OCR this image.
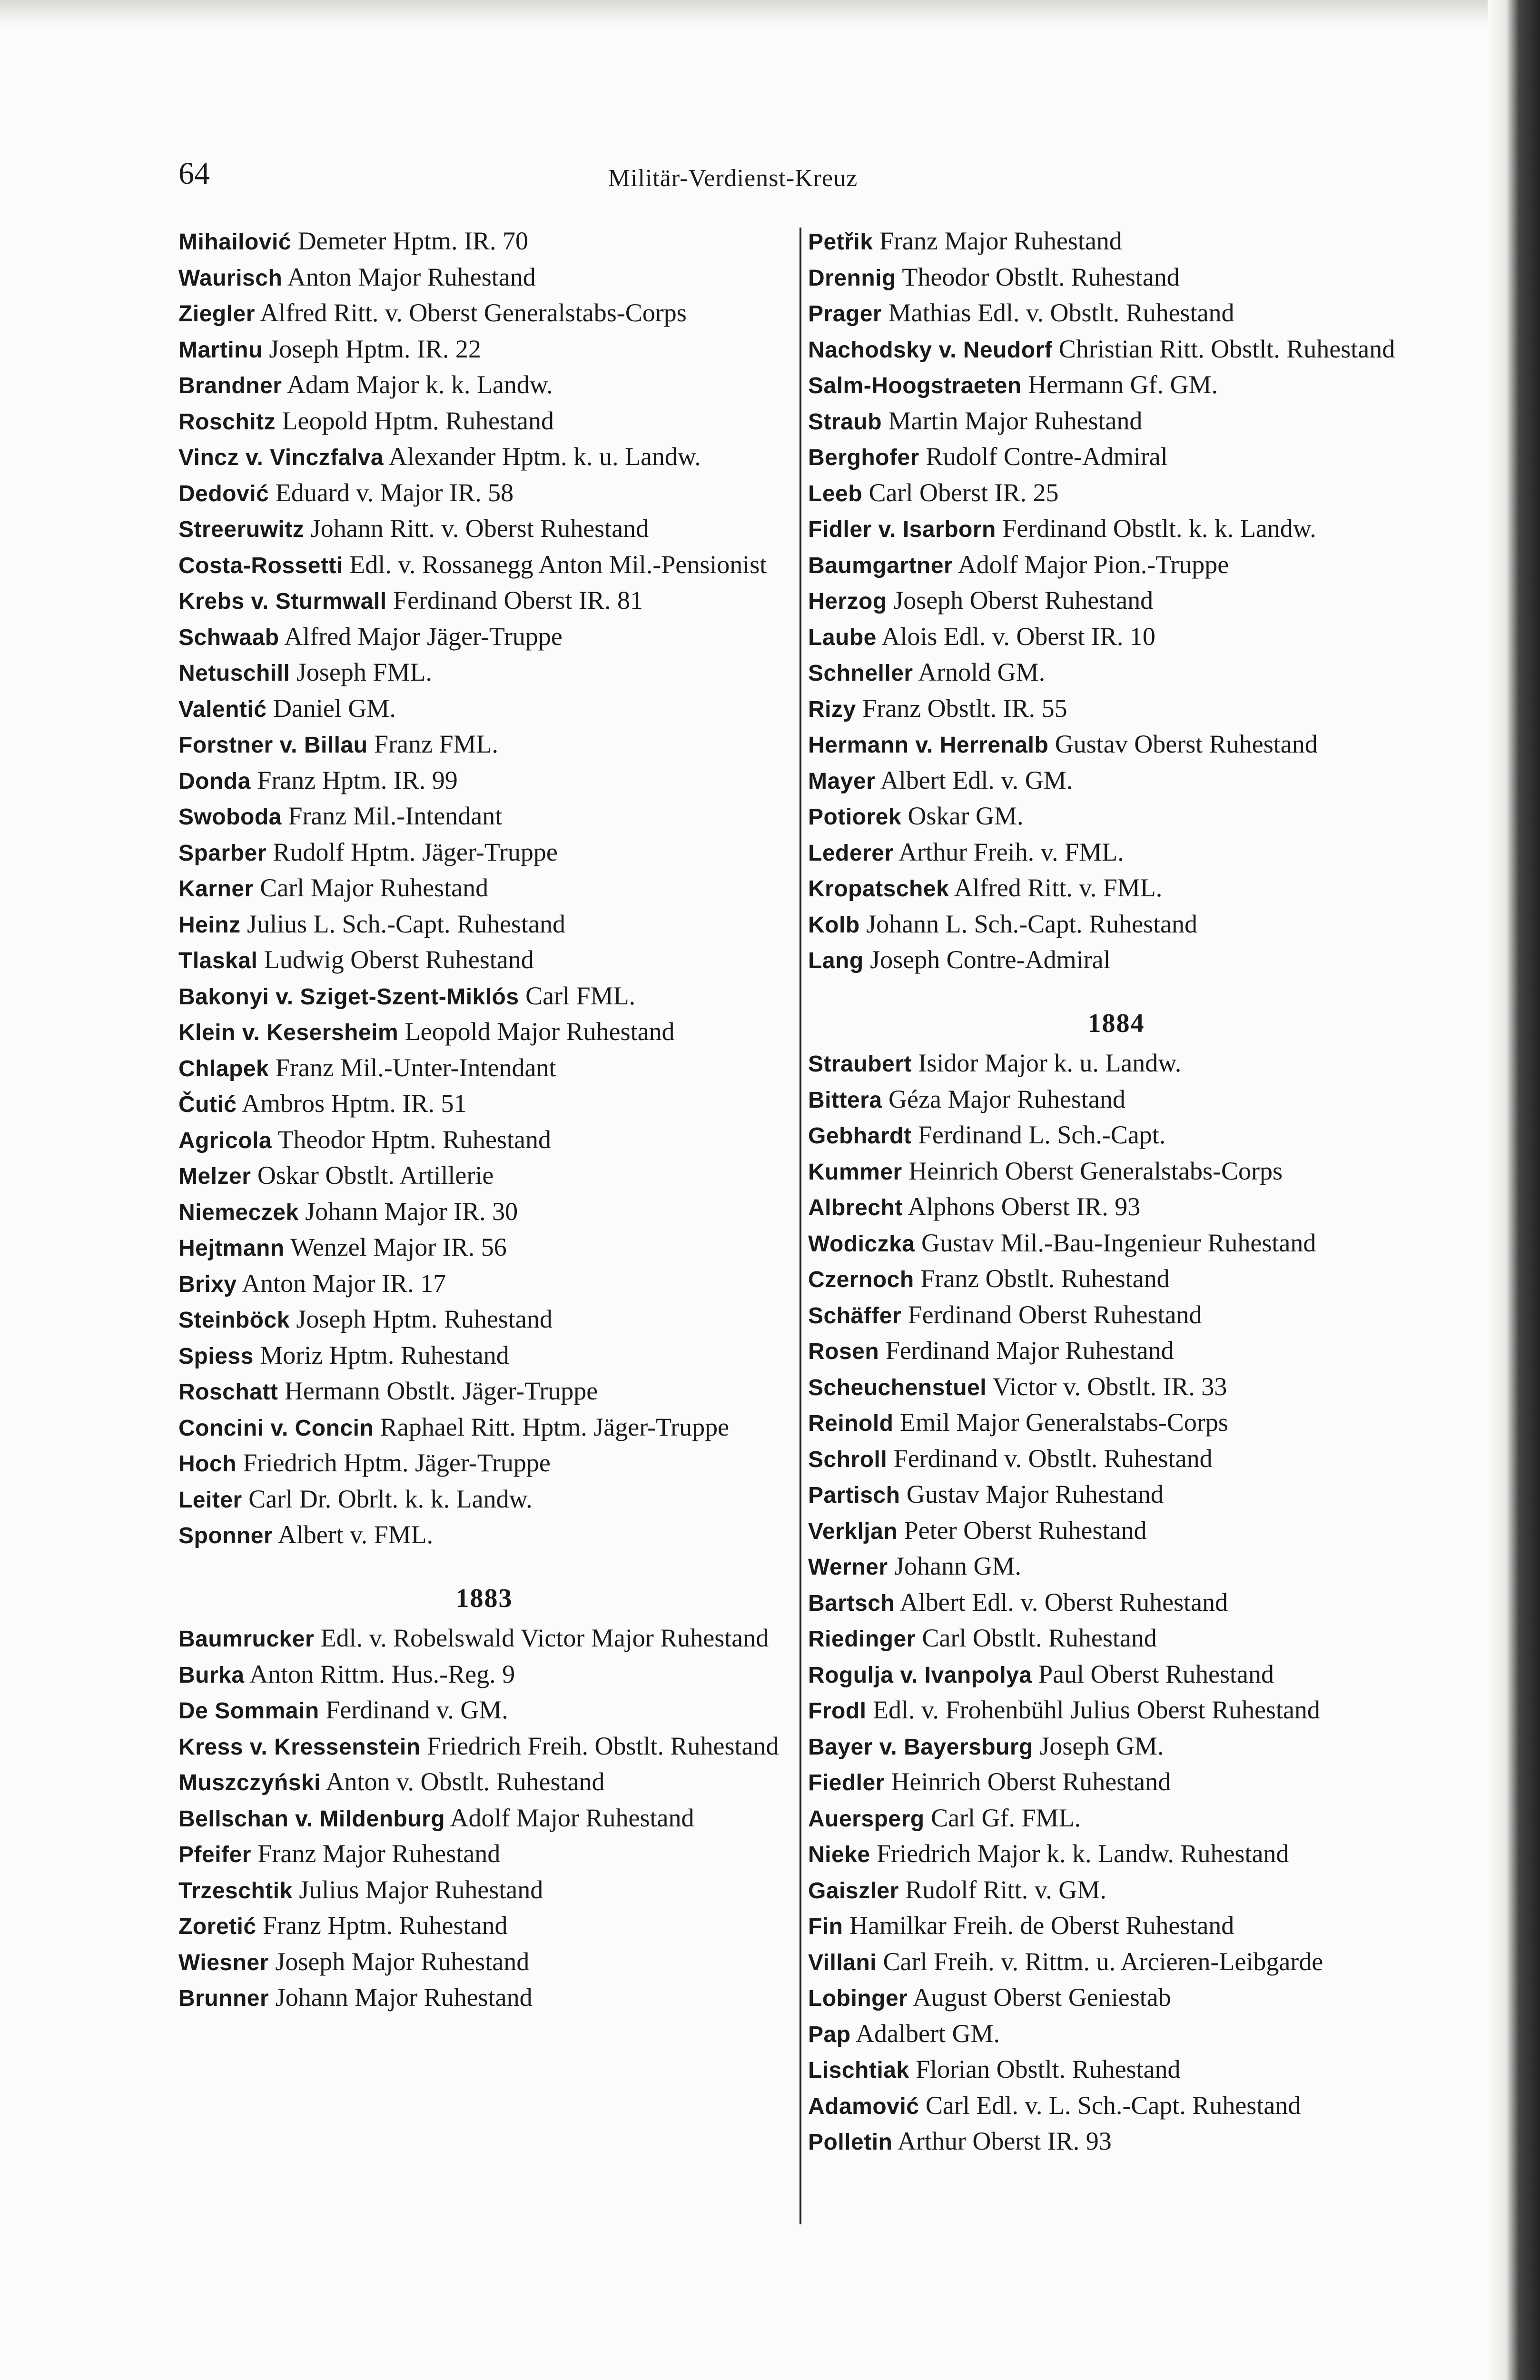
64	Militär-Verdienst-Kreuz
Mihailović Demeter Hptm. IR. 70
Waurisch Anton Major Ruhestand
Ziegler Alfred Ritt. v. Oberst Generalstabs-Corps
Martinu Joseph Hptm. IR. 22
Brandner Adam Major k. k. Landw.
Roschitz Leopold Hptm. Ruhestand
Vincz v. Vinczfalva Alexander Hptm. k. u. Landw.
Dedović Eduard v. Major IR. 58
Streeruwitz Johann Ritt. v. Oberst Ruhestand
Costa-Rossetti Edl. v. Rossanegg Anton Mil.-Pensionist
Krebs v. Sturmwall Ferdinand Oberst IR. 81
Schwaab Alfred Major Jäger-Truppe
Netuschill Joseph FML.
Valentić Daniel GM.
Forstner v. Billau Franz FML.
Donda Franz Hptm. IR. 99
Swoboda Franz Mil.-Intendant
Sparber Rudolf Hptm. Jäger-Truppe
Karner Carl Major Ruhestand
Heinz Julius L. Sch.-Capt. Ruhestand
Tlaskal Ludwig Oberst Ruhestand
Bakonyi v. Sziget-Szent-Miklós Carl FML.
Klein v. Kesersheim Leopold Major Ruhestand
Chlapek Franz Mil.-Unter-Intendant
Čutić Ambros Hptm. IR. 51
Agricola Theodor Hptm. Ruhestand
Melzer Oskar Obstlt. Artillerie
Niemeczek Johann Major IR. 30
Hejtmann Wenzel Major IR. 56
Brixy Anton Major IR. 17
Steinböck Joseph Hptm. Ruhestand
Spiess Moriz Hptm. Ruhestand
Roschatt Hermann Obstlt. Jäger-Truppe
Concini v. Concin Raphael Ritt. Hptm. Jäger-Truppe
Hoch Friedrich Hptm. Jäger-Truppe
Leiter Carl Dr. Obrlt. k. k. Landw.
Sponner Albert v. FML.
1883
Baumrucker Edl. v. Robelswald Victor Major Ruhestand
Burka Anton Rittm. Hus.-Reg. 9
De Sommain Ferdinand v. GM.
Kress v. Kressenstein Friedrich Freih. Obstlt. Ruhestand
Muszczyński Anton v. Obstlt. Ruhestand
Bellschan v. Mildenburg Adolf Major Ruhestand
Pfeifer Franz Major Ruhestand
Trzeschtik Julius Major Ruhestand
Zoretić Franz Hptm. Ruhestand
Wiesner Joseph Major Ruhestand
Brunner Johann Major Ruhestand
Petřik Franz Major Ruhestand
Drennig Theodor Obstlt. Ruhestand
Prager Mathias Edl. v. Obstlt. Ruhestand
Nachodsky v. Neudorf Christian Ritt. Obstlt. Ruhestand
Salm-Hoogstraeten Hermann Gf. GM.
Straub Martin Major Ruhestand
Berghofer Rudolf Contre-Admiral
Leeb Carl Oberst IR. 25
Fidler v. Isarborn Ferdinand Obstlt. k. k. Landw.
Baumgartner Adolf Major Pion.-Truppe
Herzog Joseph Oberst Ruhestand
Laube Alois Edl. v. Oberst IR. 10
Schneller Arnold GM.
Rizy Franz Obstlt. IR. 55
Hermann v. Herrenalb Gustav Oberst Ruhestand
Mayer Albert Edl. v. GM.
Potiorek Oskar GM.
Lederer Arthur Freih. v. FML.
Kropatschek Alfred Ritt. v. FML.
Kolb Johann L. Sch.-Capt. Ruhestand
Lang Joseph Contre-Admiral
1884
Straubert Isidor Major k. u. Landw.
Bittera Géza Major Ruhestand
Gebhardt Ferdinand L. Sch.-Capt.
Kummer Heinrich Oberst Generalstabs-Corps
Albrecht Alphons Oberst IR. 93
Wodiczka Gustav Mil.-Bau-Ingenieur Ruhestand
Czernoch Franz Obstlt. Ruhestand
Schäffer Ferdinand Oberst Ruhestand
Rosen Ferdinand Major Ruhestand
Scheuchenstuel Victor v. Obstlt. IR. 33
Reinold Emil Major Generalstabs-Corps
Schroll Ferdinand v. Obstlt. Ruhestand
Partisch Gustav Major Ruhestand
Verkljan Peter Oberst Ruhestand
Werner Johann GM.
Bartsch Albert Edl. v. Oberst Ruhestand
Riedinger Carl Obstlt. Ruhestand
Rogulja v. Ivanpolya Paul Oberst Ruhestand
Frodl Edl. v. Frohenbühl Julius Oberst Ruhestand
Bayer v. Bayersburg Joseph GM.
Fiedler Heinrich Oberst Ruhestand
Auersperg Carl Gf. FML.
Nieke Friedrich Major k. k. Landw. Ruhestand
Gaiszler Rudolf Ritt. v. GM.
Fin Hamilkar Freih. de Oberst Ruhestand
Villani Carl Freih. v. Rittm. u. Arcieren-Leibgarde
Lobinger August Oberst Geniestab
Pap Adalbert GM.
Lischtiak Florian Obstlt. Ruhestand
Adamović Carl Edl. v. L. Sch.-Capt. Ruhestand
Polletin Arthur Oberst IR. 93
